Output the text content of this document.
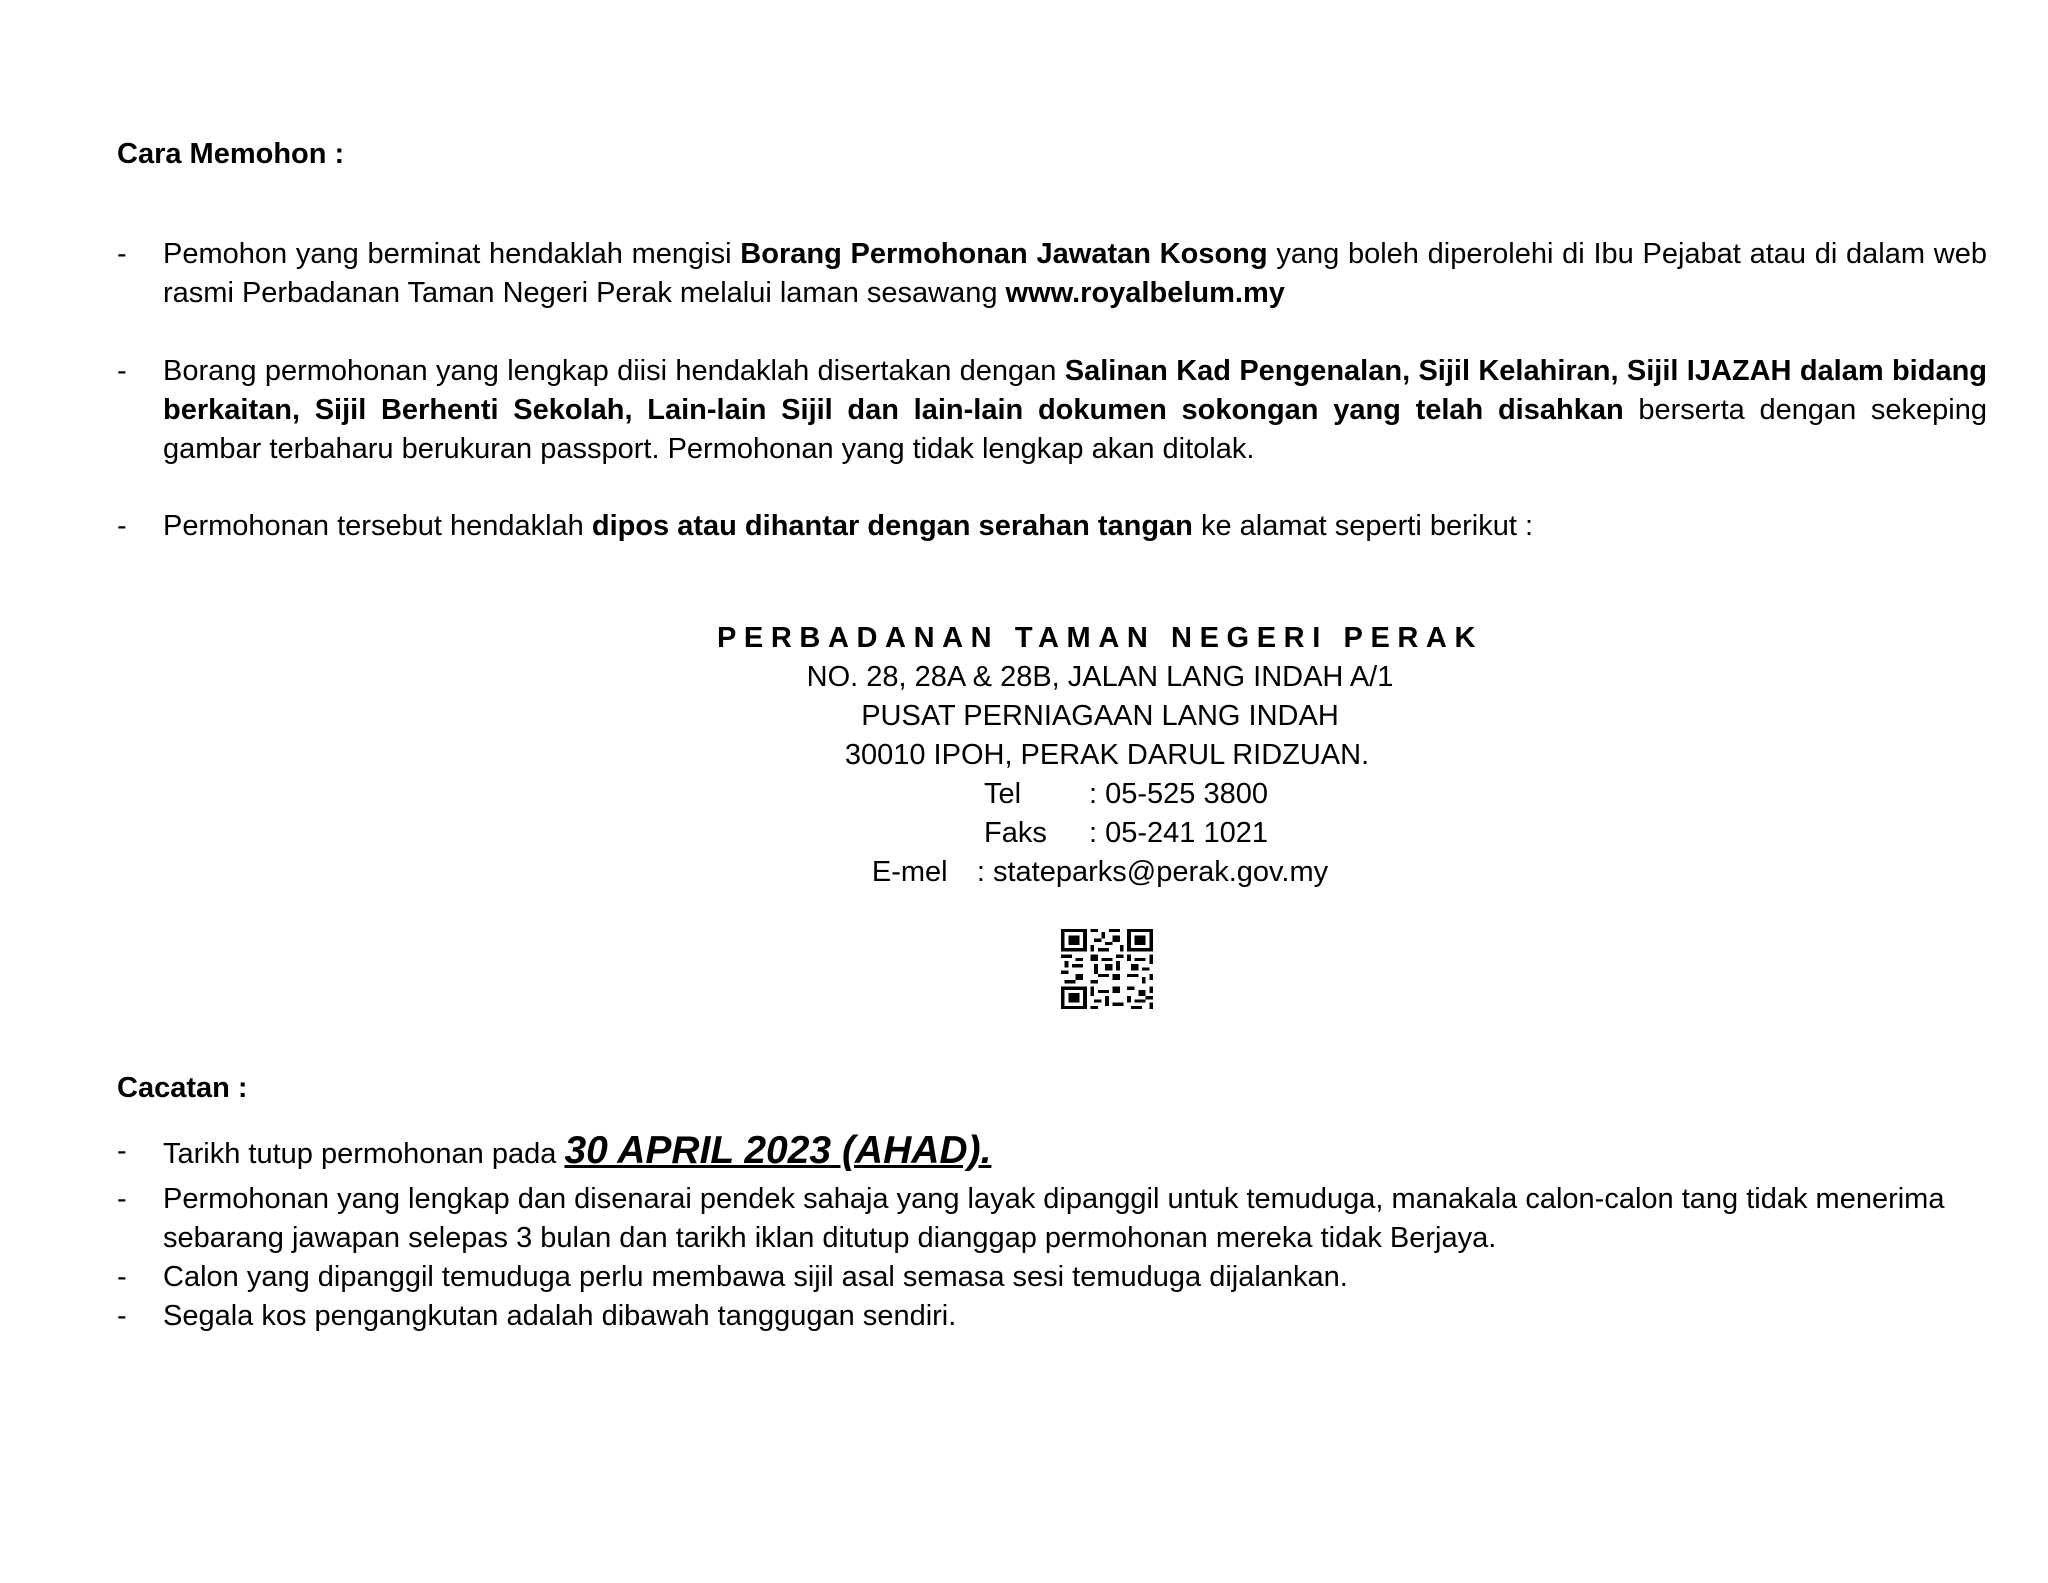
Cara Memohon :
-	Pemohon yang berminat hendaklah mengisi Borang Permohonan Jawatan Kosong yang boleh diperolehi di Ibu Pejabat atau di dalam web rasmi Perbadanan Taman Negeri Perak melalui laman sesawang www.royalbelum.my
-	Borang permohonan yang lengkap diisi hendaklah disertakan dengan Salinan Kad Pengenalan, Sijil Kelahiran, Sijil IJAZAH dalam bidang berkaitan, Sijil Berhenti Sekolah, Lain-lain Sijil dan lain-lain dokumen sokongan yang telah disahkan berserta dengan sekeping gambar terbaharu berukuran passport. Permohonan yang tidak lengkap akan ditolak.
-	Permohonan tersebut hendaklah dipos atau dihantar dengan serahan tangan ke alamat seperti berikut :
PERBADANAN TAMAN NEGERI PERAK
NO. 28, 28A & 28B, JALAN LANG INDAH A/1
PUSAT PERNIAGAAN LANG INDAH
30010 IPOH, PERAK DARUL RIDZUAN.
Tel : 05-525 3800
Faks : 05-241 1021
E-mel : stateparks@perak.gov.my
Cacatan :
-	Tarikh tutup permohonan pada 30 APRIL 2023 (AHAD).
-	Permohonan yang lengkap dan disenarai pendek sahaja yang layak dipanggil untuk temuduga, manakala calon-calon tang tidak menerima sebarang jawapan selepas 3 bulan dan tarikh iklan ditutup dianggap permohonan mereka tidak Berjaya.
-	Calon yang dipanggil temuduga perlu membawa sijil asal semasa sesi temuduga dijalankan.
-	Segala kos pengangkutan adalah dibawah tanggugan sendiri.
